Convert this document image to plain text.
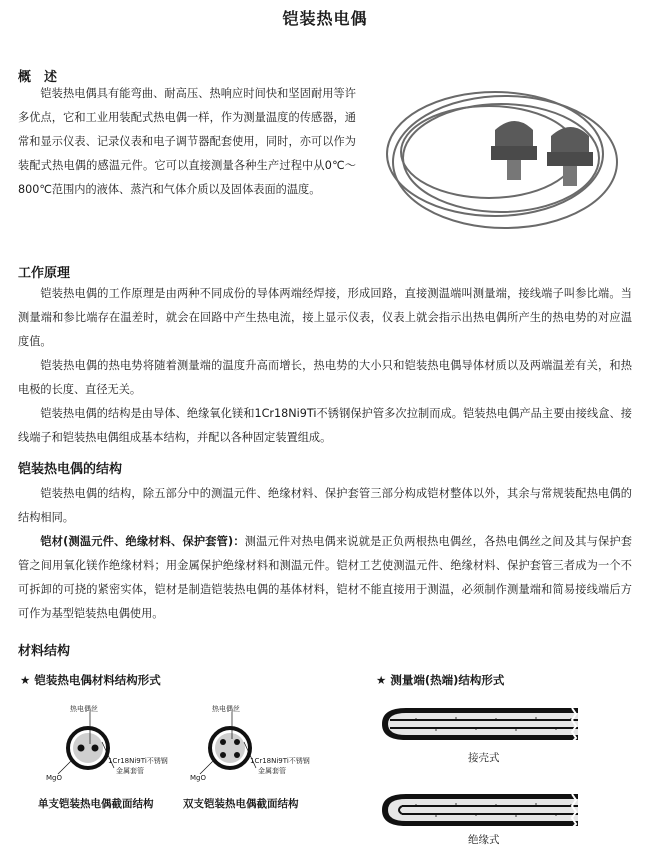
铠装热电偶
概　述
铠装热电偶具有能弯曲、耐高压、热响应时间快和坚固耐用等许多优点，它和工业用装配式热电偶一样，作为测量温度的传感器，通常和显示仪表、记录仪表和电子调节器配套使用，同时，亦可以作为装配式热电偶的感温元件。它可以直接测量各种生产过程中从0℃～800℃范围内的液体、蒸汽和气体介质以及固体表面的温度。
工作原理
铠装热电偶的工作原理是由两种不同成份的导体两端经焊接，形成回路，直接测温端叫测量端，接线端子叫参比端。当测量端和参比端存在温差时，就会在回路中产生热电流，接上显示仪表，仪表上就会指示出热电偶所产生的热电势的对应温度值。
铠装热电偶的热电势将随着测量端的温度升高而增长，热电势的大小只和铠装热电偶导体材质以及两端温差有关，和热电极的长度、直径无关。
铠装热电偶的结构是由导体、绝缘氧化镁和1Cr18Ni9Ti不锈钢保护管多次拉制而成。铠装热电偶产品主要由接线盒、接线端子和铠装热电偶组成基本结构，并配以各种固定装置组成。
铠装热电偶的结构
铠装热电偶的结构，除五部分中的测温元件、绝缘材料、保护套管三部分构成铠材整体以外，其余与常规装配热电偶的结构相同。
铠材(测温元件、绝缘材料、保护套管)：测温元件对热电偶来说就是正负两根热电偶丝，各热电偶丝之间及其与保护套管之间用氧化镁作绝缘材料；用金属保护绝缘材料和测温元件。铠材工艺使测温元件、绝缘材料、保护套管三者成为一个不可拆卸的可挠的紧密实体，铠材是制造铠装热电偶的基体材料，铠材不能直接用于测温，必须制作测量端和简易接线端后方可作为基型铠装热电偶使用。
材料结构
★ 铠装热电偶材料结构形式	★ 测量端(热端)结构形式
热电偶丝
1Cr18Ni9Ti不锈钢
金属套管
MgO
单支铠装热电偶截面结构
热电偶丝
1Cr18Ni9Ti不锈钢
金属套管
MgO
双支铠装热电偶截面结构
接壳式
绝缘式
